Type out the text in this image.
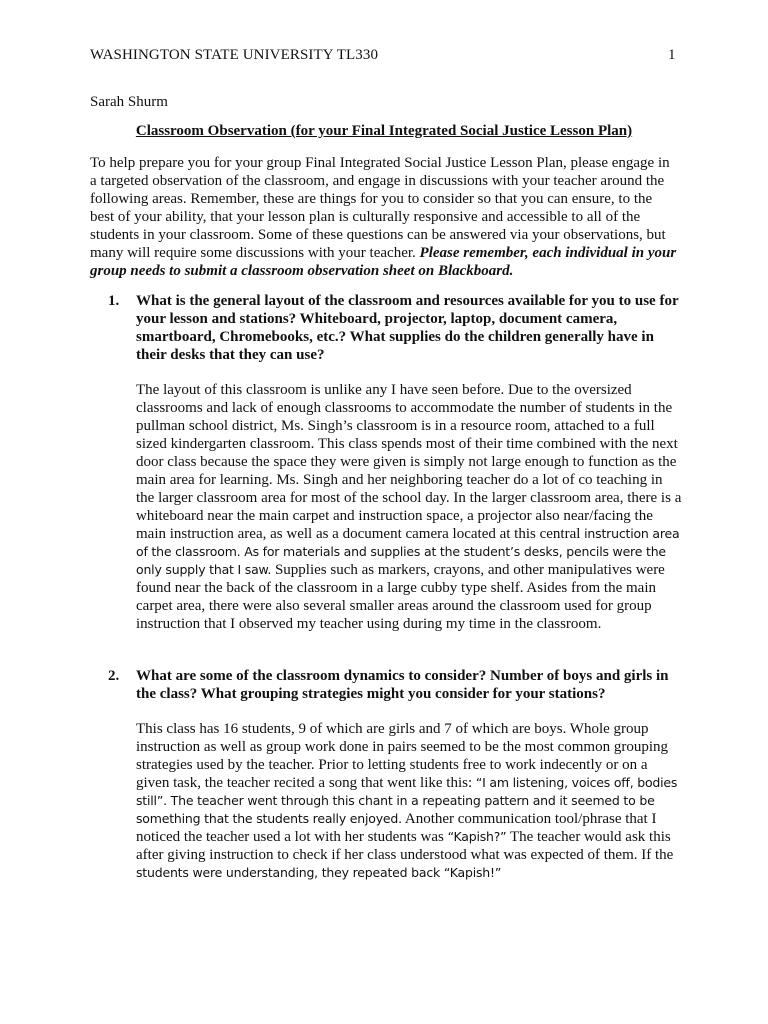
WASHINGTON STATE UNIVERSITY TL330	1
Sarah Shurm
Classroom Observation (for your Final Integrated Social Justice Lesson Plan)
To help prepare you for your group Final Integrated Social Justice Lesson Plan, please engage in a targeted observation of the classroom, and engage in discussions with your teacher around the following areas. Remember, these are things for you to consider so that you can ensure, to the best of your ability, that your lesson plan is culturally responsive and accessible to all of the students in your classroom. Some of these questions can be answered via your observations, but many will require some discussions with your teacher. Please remember, each individual in your group needs to submit a classroom observation sheet on Blackboard.
1. What is the general layout of the classroom and resources available for you to use for your lesson and stations? Whiteboard, projector, laptop, document camera, smartboard, Chromebooks, etc.? What supplies do the children generally have in their desks that they can use?
The layout of this classroom is unlike any I have seen before. Due to the oversized classrooms and lack of enough classrooms to accommodate the number of students in the pullman school district, Ms. Singh’s classroom is in a resource room, attached to a full sized kindergarten classroom. This class spends most of their time combined with the next door class because the space they were given is simply not large enough to function as the main area for learning. Ms. Singh and her neighboring teacher do a lot of co teaching in the larger classroom area for most of the school day. In the larger classroom area, there is a whiteboard near the main carpet and instruction space, a projector also near/facing the main instruction area, as well as a document camera located at this central instruction area of the classroom. As for materials and supplies at the student’s desks, pencils were the only supply that I saw. Supplies such as markers, crayons, and other manipulatives were found near the back of the classroom in a large cubby type shelf. Asides from the main carpet area, there were also several smaller areas around the classroom used for group instruction that I observed my teacher using during my time in the classroom.
2. What are some of the classroom dynamics to consider? Number of boys and girls in the class? What grouping strategies might you consider for your stations?
This class has 16 students, 9 of which are girls and 7 of which are boys. Whole group instruction as well as group work done in pairs seemed to be the most common grouping strategies used by the teacher. Prior to letting students free to work indecently or on a given task, the teacher recited a song that went like this: “I am listening, voices off, bodies still”. The teacher went through this chant in a repeating pattern and it seemed to be something that the students really enjoyed. Another communication tool/phrase that I noticed the teacher used a lot with her students was “Kapish?” The teacher would ask this after giving instruction to check if her class understood what was expected of them. If the students were understanding, they repeated back “Kapish!”
